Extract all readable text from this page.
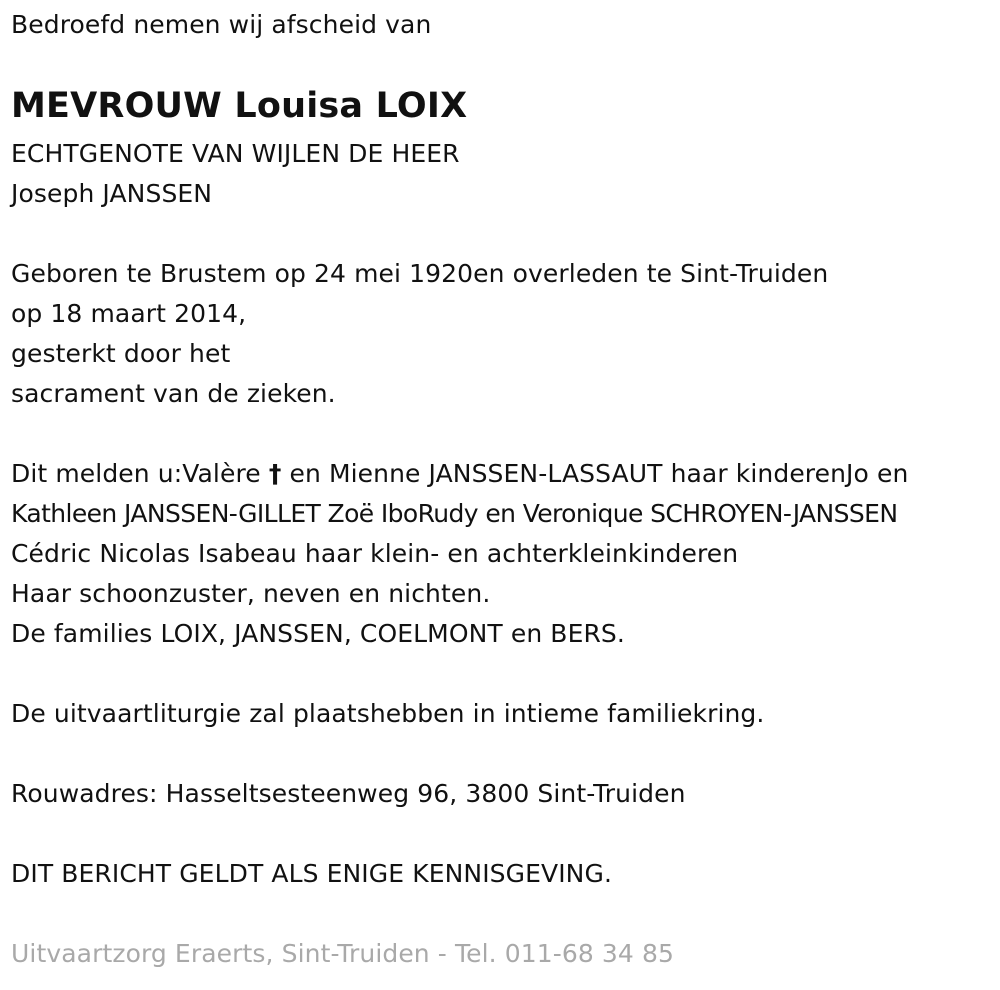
Bedroefd nemen wij afscheid van
MEVROUW Louisa LOIX
ECHTGENOTE VAN WIJLEN DE HEER
Joseph JANSSEN
Geboren te Brustem op 24 mei 1920en overleden te Sint-Truiden
op 18 maart 2014,
gesterkt door het
sacrament van de zieken.
Dit melden u:Valère † en Mienne JANSSEN-LASSAUT haar kinderenJo en
Kathleen JANSSEN-GILLET Zoë IboRudy en Veronique SCHROYEN-JANSSEN
Cédric Nicolas Isabeau haar klein- en achterkleinkinderen
Haar schoonzuster, neven en nichten.
De families LOIX, JANSSEN, COELMONT en BERS.
De uitvaartliturgie zal plaatshebben in intieme familiekring.
Rouwadres: Hasseltsesteenweg 96, 3800 Sint-Truiden
DIT BERICHT GELDT ALS ENIGE KENNISGEVING.
Uitvaartzorg Eraerts, Sint-Truiden - Tel. 011-68 34 85
